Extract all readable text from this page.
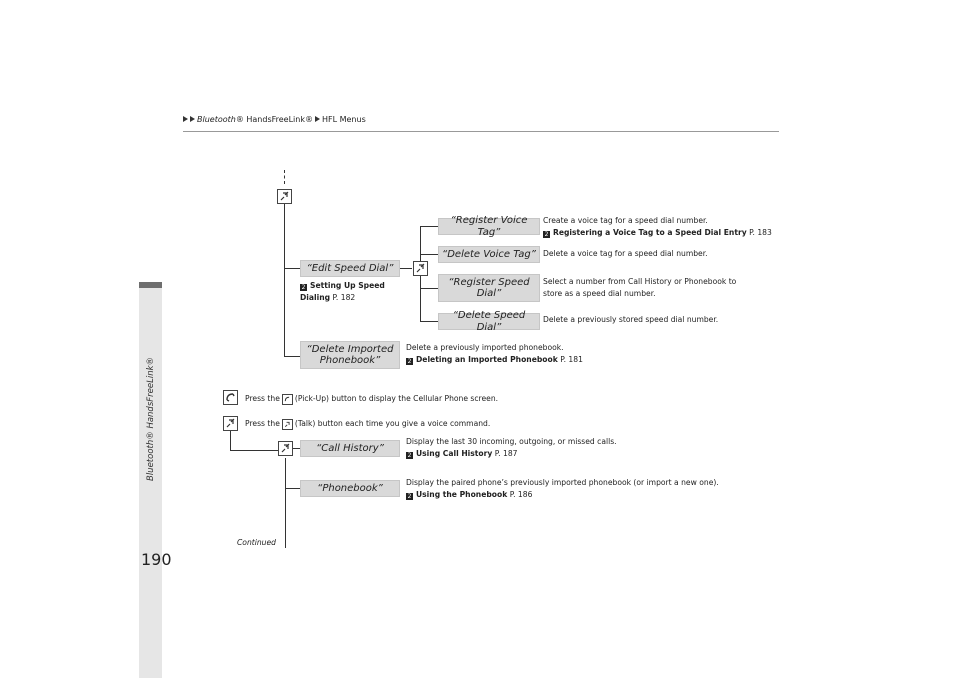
Bluetooth® HandsFreeLink®
Bluetooth® HandsFreeLink® HFL Menus
“Edit Speed Dial”
“Register Voice Tag”
“Delete Voice Tag”
“Register Speed
Dial”
“Delete Speed Dial”
“Delete Imported
Phonebook”
“Call History”
“Phonebook”
2 Setting Up Speed
Dialing P. 182
Create a voice tag for a speed dial number.
2 Registering a Voice Tag to a Speed Dial Entry P. 183
Delete a voice tag for a speed dial number.
Select a number from Call History or Phonebook to
store as a speed dial number.
Delete a previously stored speed dial number.
Delete a previously imported phonebook.
2 Deleting an Imported Phonebook P. 181
Press the (Pick-Up) button to display the Cellular Phone screen.
Press the (Talk) button each time you give a voice command.
Display the last 30 incoming, outgoing, or missed calls.
2 Using Call History P. 187
Display the paired phone’s previously imported phonebook (or import a new one).
2 Using the Phonebook P. 186
Continued
190
